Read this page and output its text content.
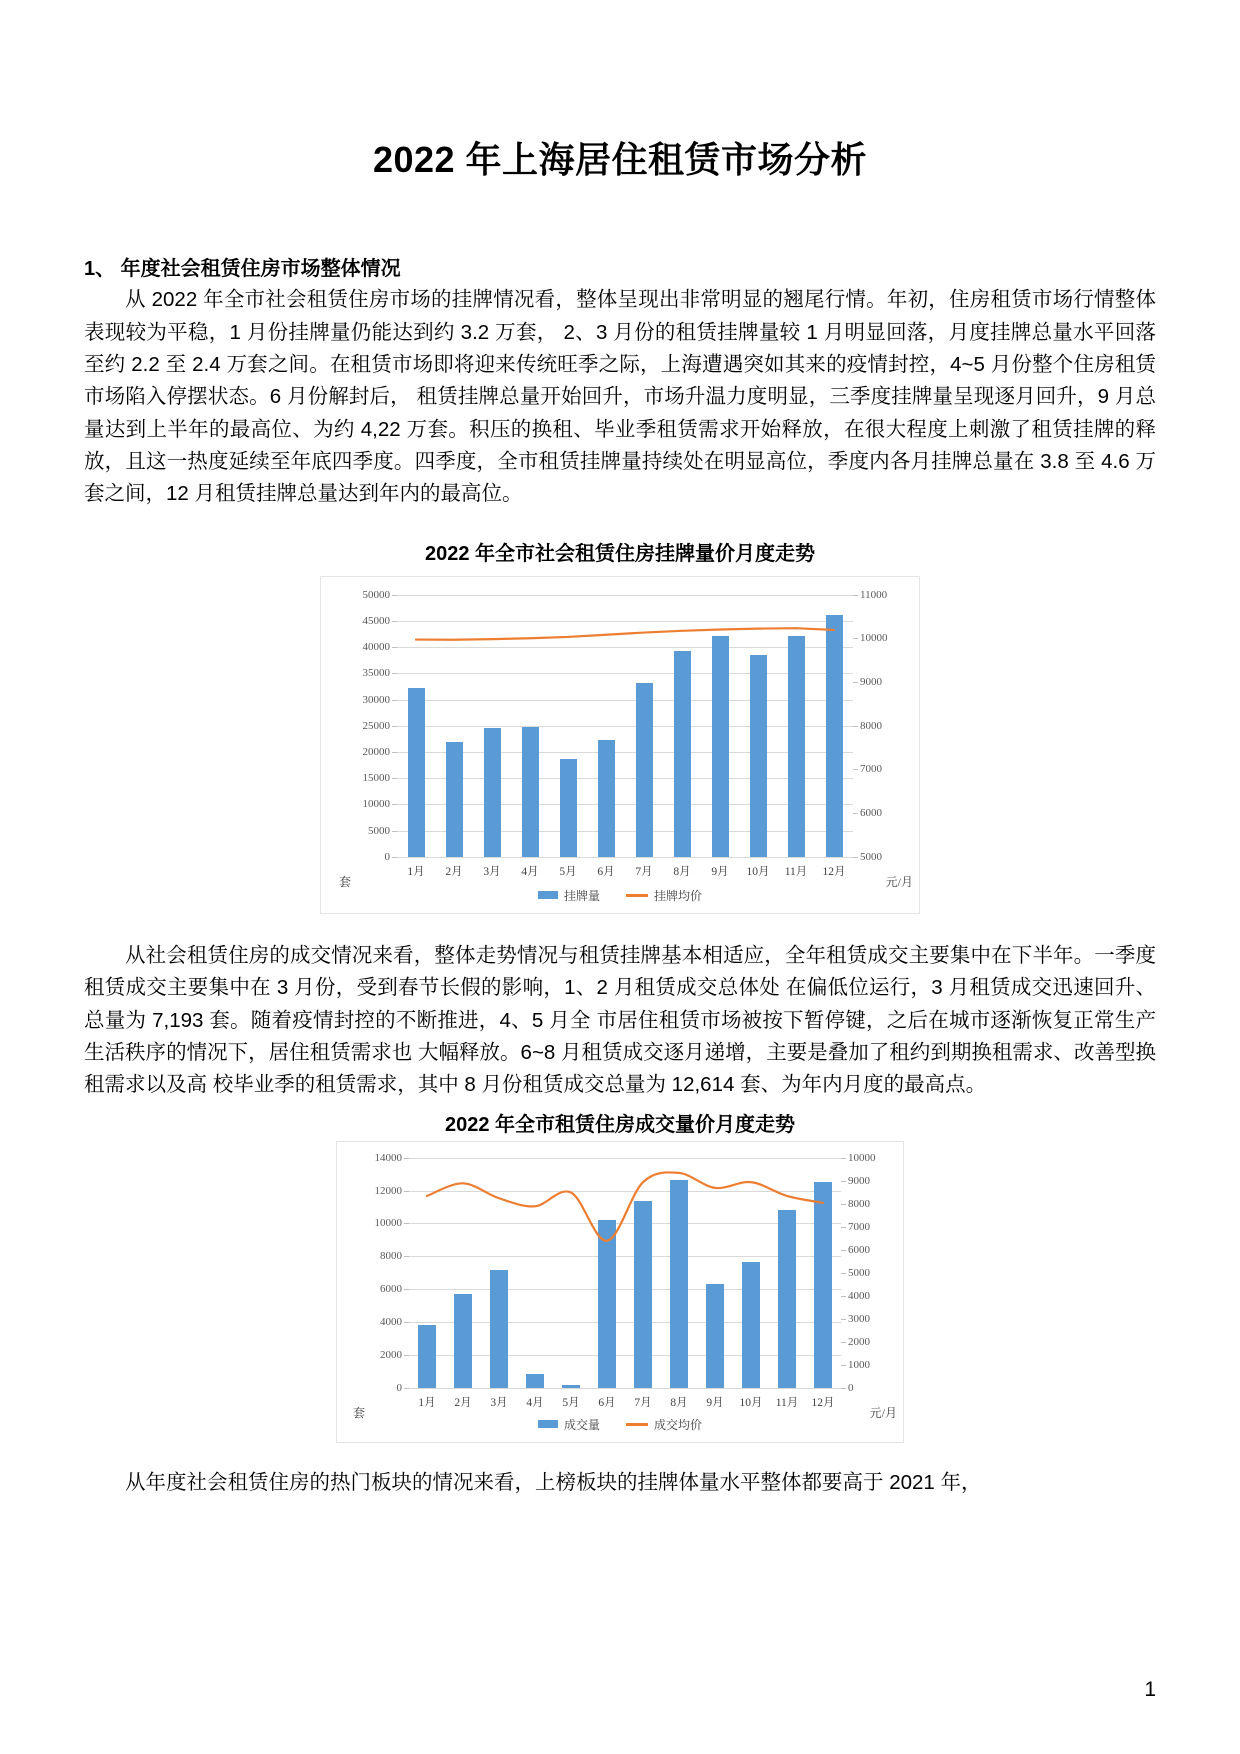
2022 年上海居住租赁市场分析
1、 年度社会租赁住房市场整体情况

从 2022 年全市社会租赁住房市场的挂牌情况看，整体呈现出非常明显的翘尾行情。年初，住房租赁市场行情整体表现较为平稳，1 月份挂牌量仍能达到约 3.2 万套， 2、3 月份的租赁挂牌量较 1 月明显回落，月度挂牌总量水平回落至约 2.2 至 2.4 万套之间。在租赁市场即将迎来传统旺季之际，上海遭遇突如其来的疫情封控，4~5 月份整个住房租赁市场陷入停摆状态。6 月份解封后， 租赁挂牌总量开始回升，市场升温力度明显，三季度挂牌量呈现逐月回升，9 月总量达到上半年的最高位、为约 4,22 万套。积压的换租、毕业季租赁需求开始释放，在很大程度上刺激了租赁挂牌的释放，且这一热度延续至年底四季度。四季度，全市租赁挂牌量持续处在明显高位，季度内各月挂牌总量在 3.8 至 4.6 万套之间，12 月租赁挂牌总量达到年内的最高位。

2022 年全市社会租赁住房挂牌量价月度走势
0
5000
10000
15000
20000
25000
30000
35000
40000
45000
50000
5000
6000
7000
8000
9000
10000
11000
1月	2月	3月	4月	5月	6月	7月	8月	9月	10月	11月	12月
套	元/月
挂牌量	挂牌均价

从社会租赁住房的成交情况来看，整体走势情况与租赁挂牌基本相适应，全年租赁成交主要集中在下半年。一季度租赁成交主要集中在 3 月份，受到春节长假的影响，1、2 月租赁成交总体处 在偏低位运行，3 月租赁成交迅速回升、总量为 7,193 套。随着疫情封控的不断推进，4、5 月全 市居住租赁市场被按下暂停键，之后在城市逐渐恢复正常生产生活秩序的情况下，居住租赁需求也 大幅释放。6~8 月租赁成交逐月递增，主要是叠加了租约到期换租需求、改善型换租需求以及高 校毕业季的租赁需求，其中 8 月份租赁成交总量为 12,614 套、为年内月度的最高点。

2022 年全市租赁住房成交量价月度走势
0
2000
4000
6000
8000
10000
12000
14000
0
1000
2000
3000
4000
5000
6000
7000
8000
9000
10000
1月	2月	3月	4月	5月	6月	7月	8月	9月	10月	11月	12月
套	元/月
成交量	成交均价

从年度社会租赁住房的热门板块的情况来看，上榜板块的挂牌体量水平整体都要高于 2021 年，

1
